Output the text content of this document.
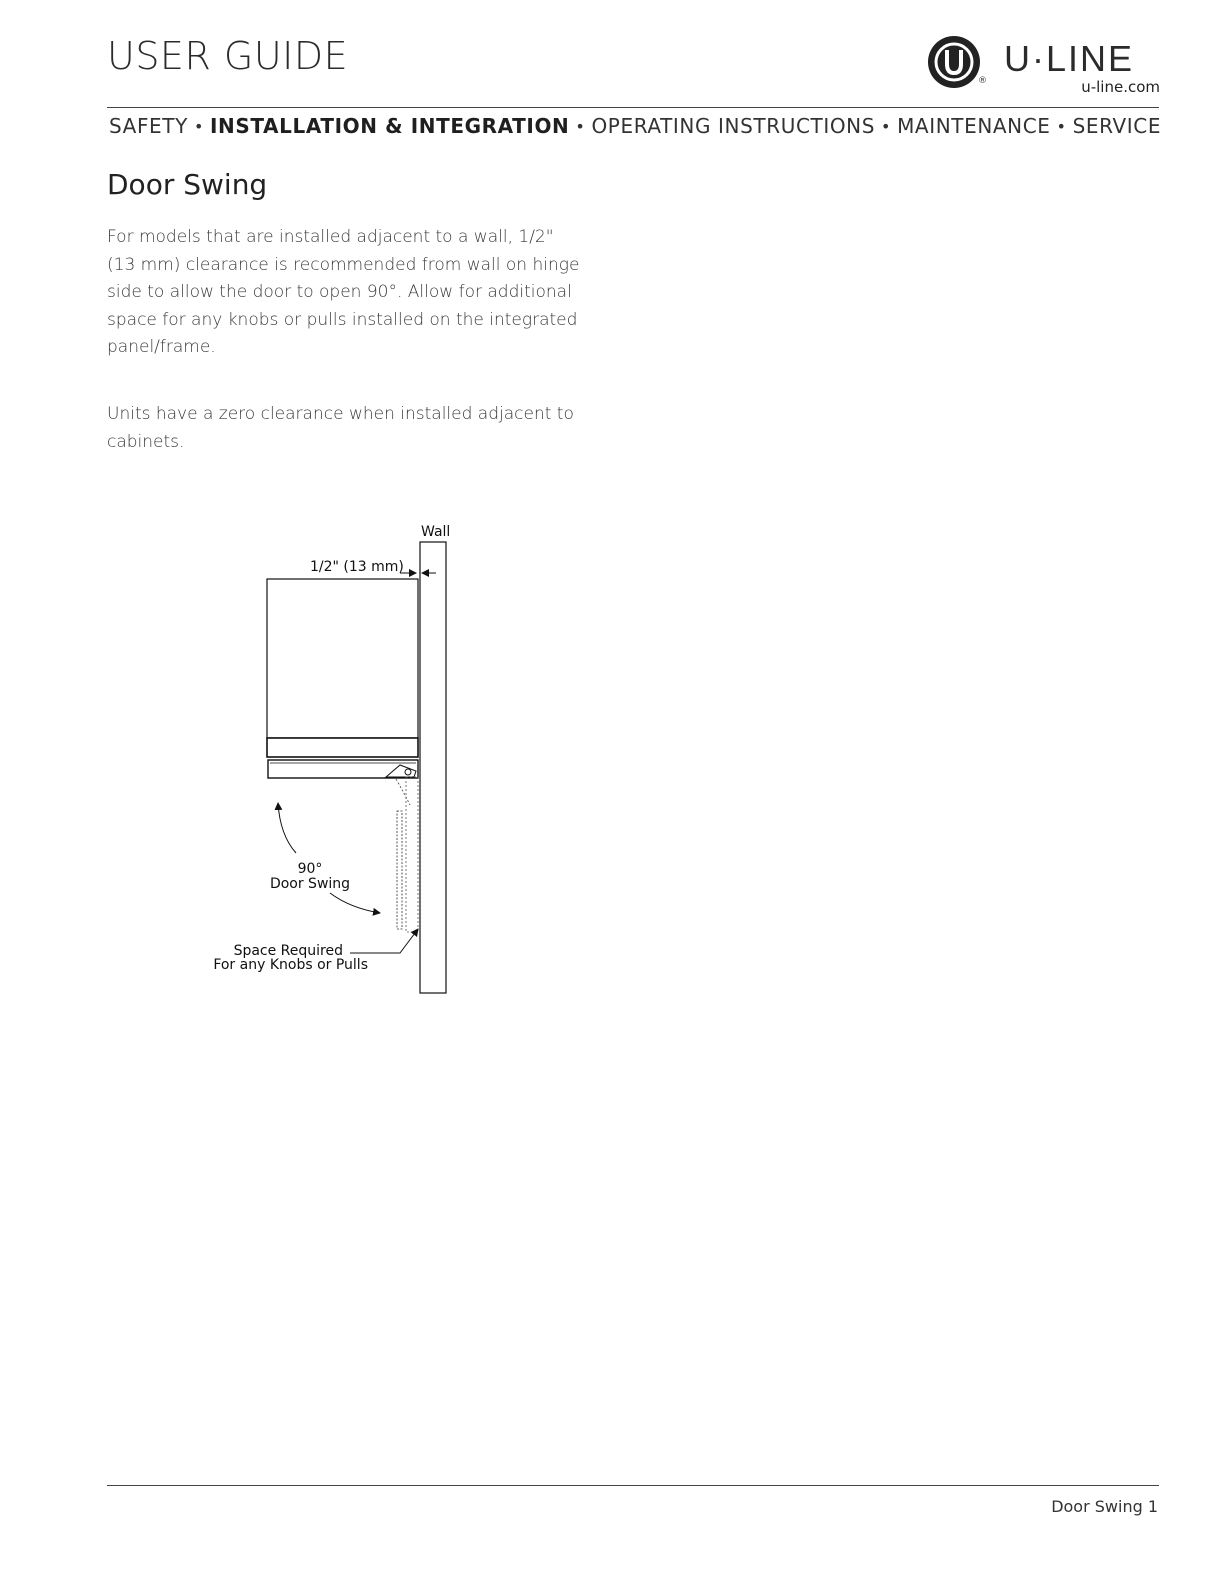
USER GUIDE
®
U·LINE
u-line.com
SAFETY • INSTALLATION & INTEGRATION • OPERATING INSTRUCTIONS • MAINTENANCE • SERVICE
Door Swing
For models that are installed adjacent to a wall, 1/2" (13 mm) clearance is recommended from wall on hinge side to allow the door to open 90°. Allow for additional space for any knobs or pulls installed on the integrated panel/frame.
Units have a zero clearance when installed adjacent to cabinets.
Wall
1/2" (13 mm)
90°
Door Swing
Space Required
For any Knobs or Pulls
Door Swing 1
